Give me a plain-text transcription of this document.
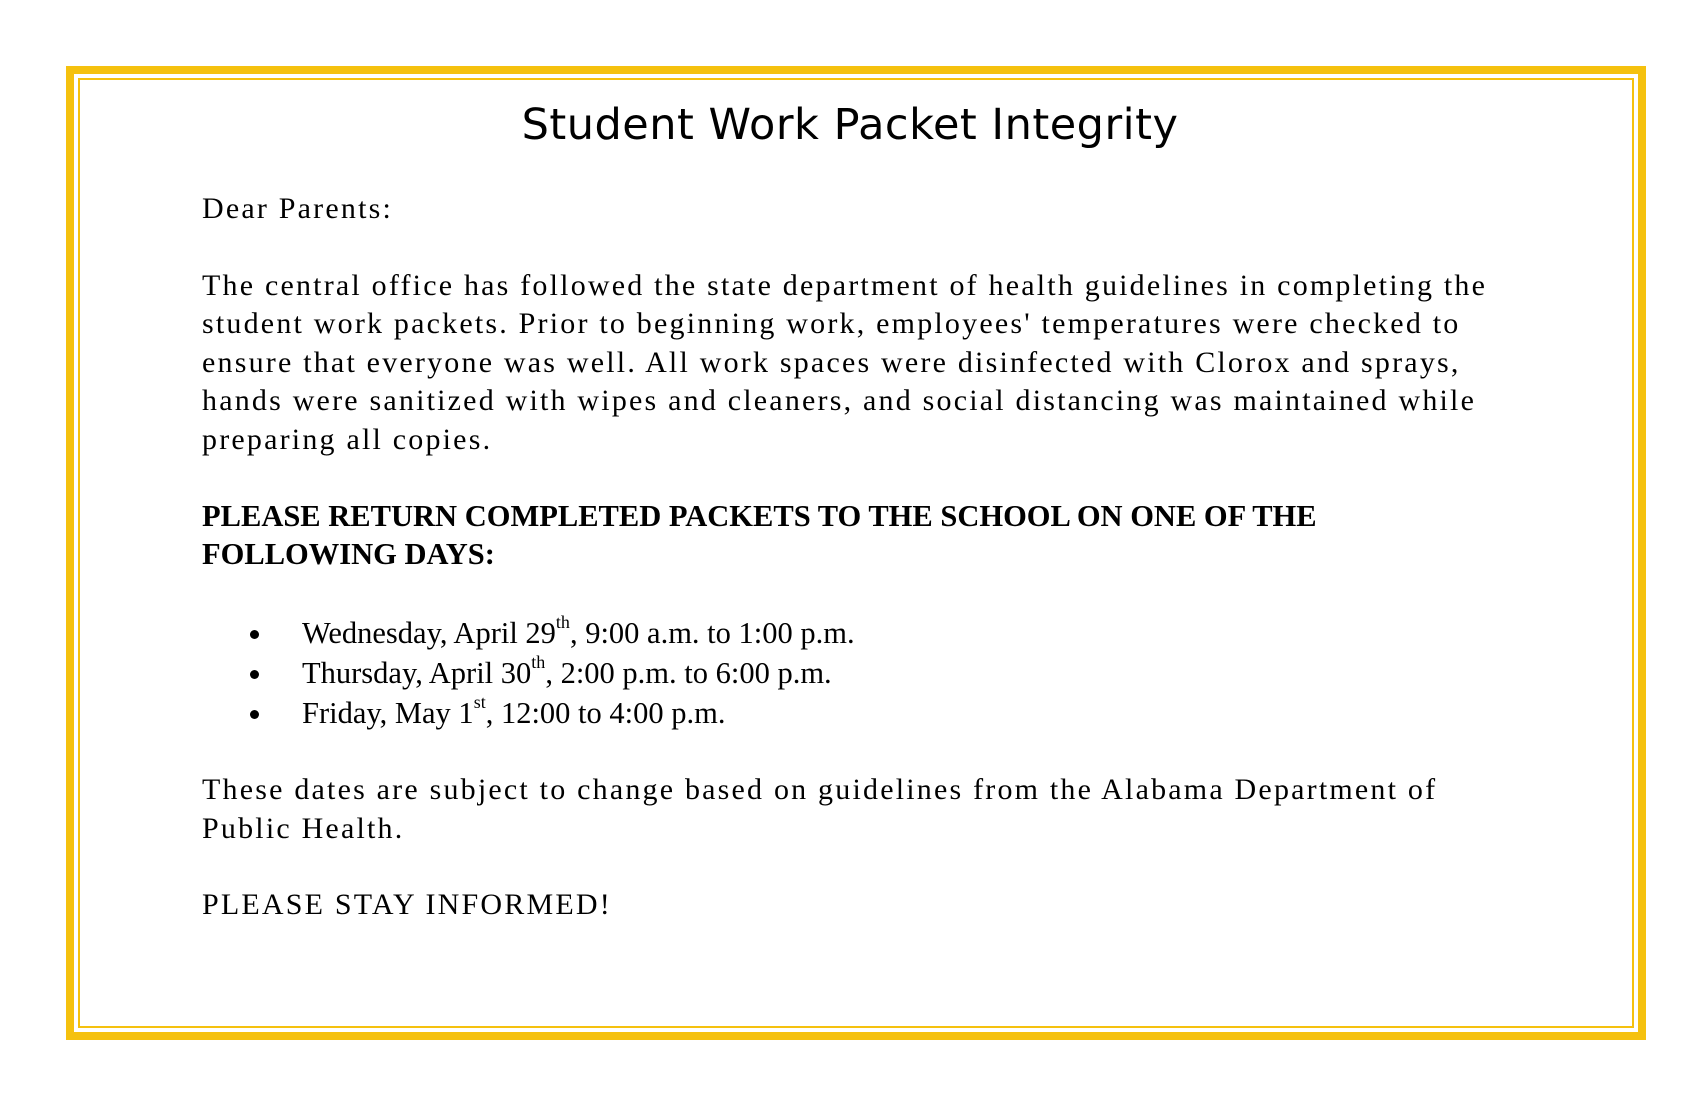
Student Work Packet Integrity

Dear Parents:

The central office has followed the state department of health guidelines in completing the student work packets. Prior to beginning work, employees' temperatures were checked to ensure that everyone was well. All work spaces were disinfected with Clorox and sprays, hands were sanitized with wipes and cleaners, and social distancing was maintained while preparing all copies.

PLEASE RETURN COMPLETED PACKETS TO THE SCHOOL ON ONE OF THE FOLLOWING DAYS:

Wednesday, April 29th, 9:00 a.m. to 1:00 p.m.
Thursday, April 30th, 2:00 p.m. to 6:00 p.m.
Friday, May 1st, 12:00 to 4:00 p.m.

These dates are subject to change based on guidelines from the Alabama Department of Public Health.

PLEASE STAY INFORMED!
